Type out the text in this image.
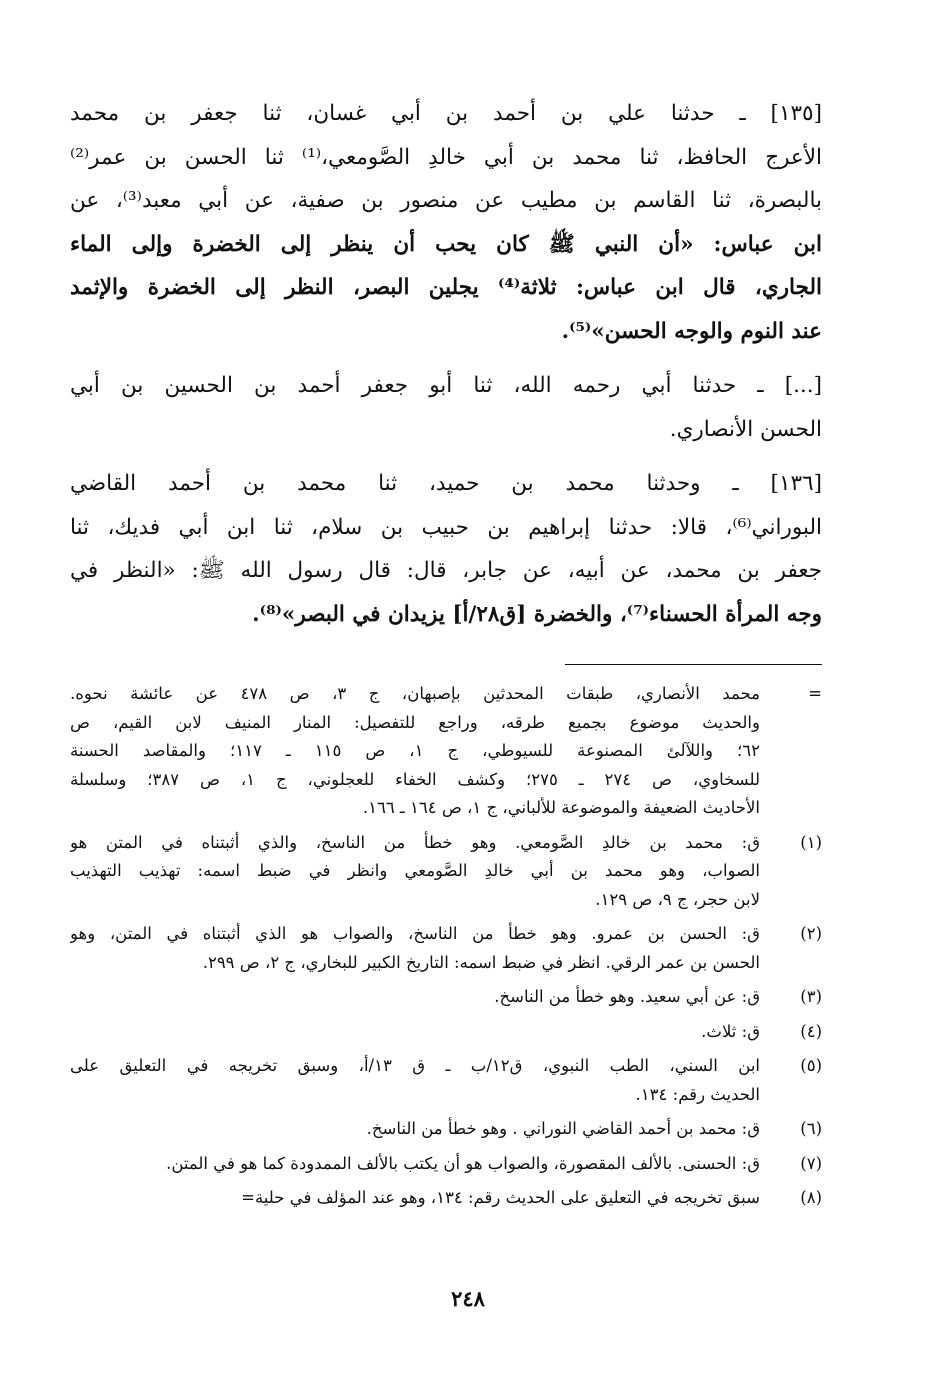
[١٣٥] ـ حدثنا علي بن أحمد بن أبي غسان، ثنا جعفر بن محمد
الأعرج الحافظ، ثنا محمد بن أبي خالدِ الصَّومعي،⁽¹⁾ ثنا الحسن بن عمر⁽²⁾
بالبصرة، ثنا القاسم بن مطيب عن منصور بن صفية، عن أبي معبد⁽³⁾، عن
ابن عباس: «أن النبي ﷺ كان يحب أن ينظر إلى الخضرة وإلى الماء
الجاري، قال ابن عباس: ثلاثة⁽⁴⁾ يجلين البصر، النظر إلى الخضرة والإثمد
عند النوم والوجه الحسن»⁽⁵⁾.

[...] ـ حدثنا أبي رحمه الله، ثنا أبو جعفر أحمد بن الحسين بن أبي
الحسن الأنصاري.

[١٣٦] ـ وحدثنا محمد بن حميد، ثنا محمد بن أحمد القاضي
البوراني⁽⁶⁾، قالا: حدثنا إبراهيم بن حبيب بن سلام، ثنا ابن أبي فديك، ثنا
جعفر بن محمد، عن أبيه، عن جابر، قال: قال رسول الله ﷺ: «النظر في
وجه المرأة الحسناء⁽⁷⁾، والخضرة [ق٢٨/أ] يزيدان في البصر»⁽⁸⁾.

=
محمد الأنصاري، طبقات المحدثين بإصبهان، ج ٣، ص ٤٧٨ عن عائشة نحوه.
والحديث موضوع بجميع طرقه، وراجع للتفصيل: المنار المنيف لابن القيم، ص
٦٢؛ واللآلئ المصنوعة للسيوطي، ج ١، ص ١١٥ ـ ١١٧؛ والمقاصد الحسنة
للسخاوي، ص ٢٧٤ ـ ٢٧٥؛ وكشف الخفاء للعجلوني، ج ١، ص ٣٨٧؛ وسلسلة
الأحاديث الضعيفة والموضوعة للألباني، ج ١، ص ١٦٤ ـ ١٦٦.
(١)
ق: محمد بن خالدِ الصَّومعي. وهو خطأ من الناسخ، والذي أثبتناه في المتن هو
الصواب، وهو محمد بن أبي خالدِ الصَّومعي وانظر في ضبط اسمه: تهذيب التهذيب
لابن حجر، ج ٩، ص ١٢٩.
(٢)
ق: الحسن بن عمرو. وهو خطأ من الناسخ، والصواب هو الذي أثبتناه في المتن، وهو
الحسن بن عمر الرقي. انظر في ضبط اسمه: التاريخ الكبير للبخاري، ج ٢، ص ٢٩٩.
(٣)
ق: عن أبي سعيد. وهو خطأ من الناسخ.
(٤)
ق: ثلاث.
(٥)
ابن السني، الطب النبوي، ق١٢/ب ـ ق ١٣/أ، وسبق تخريجه في التعليق على
الحديث رقم: ١٣٤.
(٦)
ق: محمد بن أحمد القاضي النوراني . وهو خطأ من الناسخ.
(٧)
ق: الحسنى. بالألف المقصورة، والصواب هو أن يكتب بالألف الممدودة كما هو في المتن.
(٨)
سبق تخريجه في التعليق على الحديث رقم: ١٣٤، وهو عند المؤلف في حلية=
٢٤٨
